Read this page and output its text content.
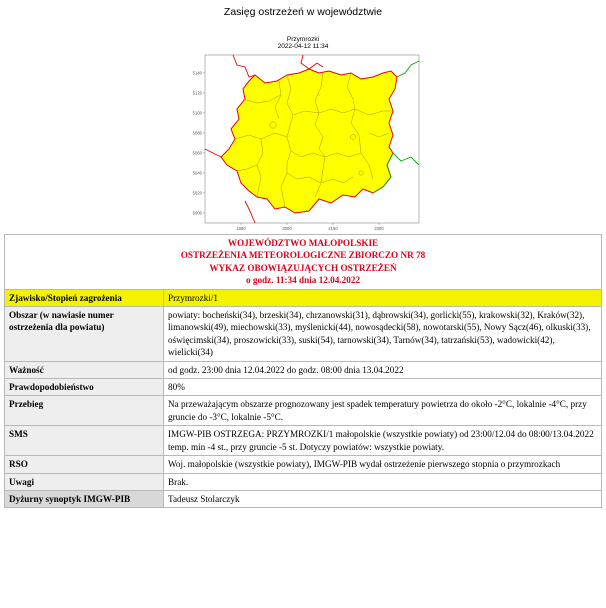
Zasięg ostrzeżeń w województwie
Przymrozki
2022-04-12 11:34
5140
5120
5100
5080
5060
5040
5020
5000
1850	2000	2150	2300
WOJEWÓDZTWO MAŁOPOLSKIE
OSTRZEŻENIA METEOROLOGICZNE ZBIORCZO NR 78
WYKAZ OBOWIĄZUJĄCYCH OSTRZEŻEŃ
o godz. 11:34 dnia 12.04.2022	

Zjawisko/Stopień zagrożenia	Przymrozki/1
Obszar (w nawiasie numer ostrzeżenia dla powiatu)	powiaty: bocheński(34), brzeski(34), chrzanowski(31), dąbrowski(34), gorlicki(55), krakowski(32), Kraków(32), limanowski(49), miechowski(33), myślenicki(44), nowosądecki(58), nowotarski(55), Nowy Sącz(46), olkuski(33), oświęcimski(34), proszowicki(33), suski(54), tarnowski(34), Tarnów(34), tatrzański(53), wadowicki(42), wielicki(34)
Ważność	od godz. 23:00 dnia 12.04.2022 do godz. 08:00 dnia 13.04.2022
Prawdopodobieństwo	80%
Przebieg	Na przeważającym obszarze prognozowany jest spadek temperatury powietrza do około -2°C, lokalnie -4°C, przy gruncie do -3°C, lokalnie -5°C.
SMS	IMGW-PIB OSTRZEGA: PRZYMROZKI/1 małopolskie (wszystkie powiaty) od 23:00/12.04 do 08:00/13.04.2022 temp. min -4 st., przy gruncie -5 st. Dotyczy powiatów: wszystkie powiaty.
RSO	Woj. małopolskie (wszystkie powiaty), IMGW-PIB wydał ostrzeżenie pierwszego stopnia o przymrozkach
Uwagi	Brak.
Dyżurny synoptyk IMGW-PIB	Tadeusz Stolarczyk
